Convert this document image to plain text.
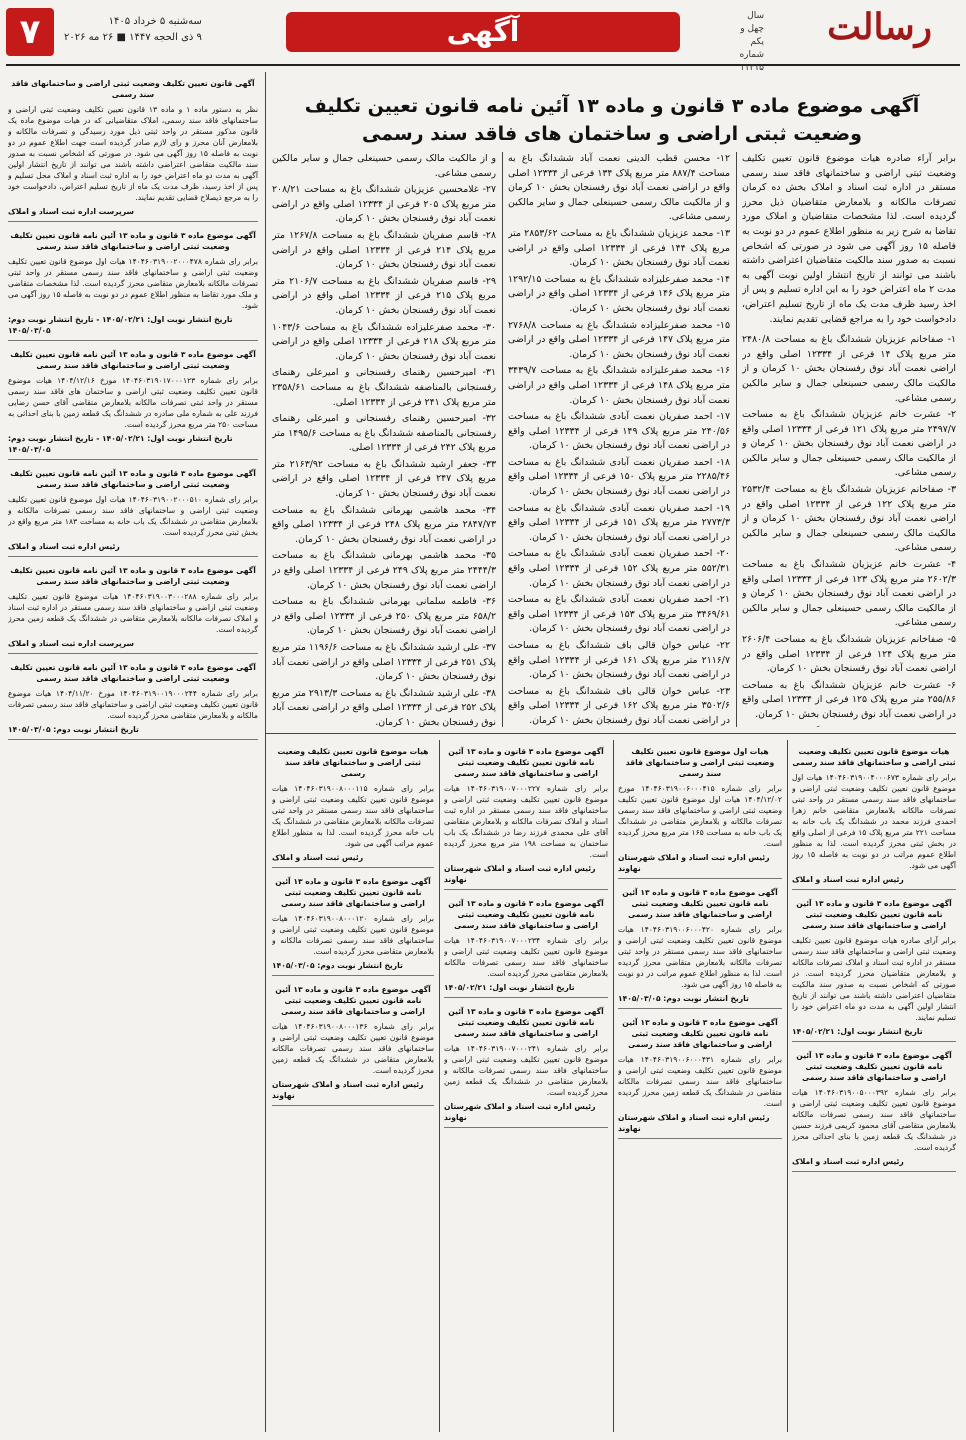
سال چهل و یکم
شماره ۱۱۳۱۵
رسالت
آگهی
سه‌شنبه ۵ خرداد ۱۴۰۵
۹ ذی الحجه ۱۴۴۷ ■ ۲۶ مه ۲۰۲۶
۷
آگهی موضوع ماده ۳ قانون و ماده ۱۳ آئین نامه قانون تعیین تکلیف وضعیت ثبتی اراضی و ساختمان های فاقد سند رسمی

برابر آراء صادره هیات موضوع قانون تعیین تکلیف وضعیت ثبتی اراضی و ساختمانهای فاقد سند رسمی مستقر در اداره ثبت اسناد و املاک بخش ده کرمان تصرفات مالکانه و بلامعارض متقاضیان ذیل محرز گردیده است. لذا مشخصات متقاضیان و املاک مورد تقاضا به شرح زیر به منظور اطلاع عموم در دو نوبت به فاصله ۱۵ روز آگهی می شود در صورتی که اشخاص نسبت به صدور سند مالکیت متقاضیان اعتراضی داشته باشند می توانند از تاریخ انتشار اولین نوبت آگهی به مدت ۲ ماه اعتراض خود را به این اداره تسلیم و پس از اخذ رسید ظرف مدت یک ماه از تاریخ تسلیم اعتراض، دادخواست خود را به مراجع قضایی تقدیم نمایند.

۱- صفاخانم عزیزیان ششدانگ باغ به مساحت ۲۴۸۰/۸ متر مربع پلاک ۱۴ فرعی از ۱۲۳۳۴ اصلی واقع در اراضی نعمت آباد نوق رفسنجان بخش ۱۰ کرمان و از مالکیت مالک رسمی حسینعلی جمال و سایر مالکین رسمی مشاعی.

۲- عشرت خانم عزیزیان ششدانگ باغ به مساحت ۲۴۹۷/۷ متر مربع پلاک ۱۲۱ فرعی از ۱۲۳۳۴ اصلی واقع در اراضی نعمت آباد نوق رفسنجان بخش ۱۰ کرمان و از مالکیت مالک رسمی حسینعلی جمال و سایر مالکین رسمی مشاعی.

۳- صفاخانم عزیزیان ششدانگ باغ به مساحت ۲۵۳۲/۴ متر مربع پلاک ۱۲۲ فرعی از ۱۲۳۳۴ اصلی واقع در اراضی نعمت آباد نوق رفسنجان بخش ۱۰ کرمان و از مالکیت مالک رسمی حسینعلی جمال و سایر مالکین رسمی مشاعی.

۴- عشرت خانم عزیزیان ششدانگ باغ به مساحت ۲۶۰۲/۳ متر مربع پلاک ۱۲۳ فرعی از ۱۲۳۳۴ اصلی واقع در اراضی نعمت آباد نوق رفسنجان بخش ۱۰ کرمان و از مالکیت مالک رسمی حسینعلی جمال و سایر مالکین رسمی مشاعی.

۵- صفاخانم عزیزیان ششدانگ باغ به مساحت ۲۶۰۶/۴ متر مربع پلاک ۱۲۴ فرعی از ۱۲۳۳۴ اصلی واقع در اراضی نعمت آباد نوق رفسنجان بخش ۱۰ کرمان.

۶- عشرت خانم عزیزیان ششدانگ باغ به مساحت ۲۵۵/۸۶ متر مربع پلاک ۱۲۵ فرعی از ۱۲۳۳۴ اصلی واقع در اراضی نعمت آباد نوق رفسنجان بخش ۱۰ کرمان.

۱۲- محسن قطب الدینی نعمت آباد ششدانگ باغ به مساحت ۸۸۷/۴ متر مربع پلاک ۱۳۴ فرعی از ۱۲۳۳۴ اصلی واقع در اراضی نعمت آباد نوق رفسنجان بخش ۱۰ کرمان و از مالکیت مالک رسمی حسینعلی جمال و سایر مالکین رسمی مشاعی.

۱۳- محمد عزیزیان ششدانگ باغ به مساحت ۲۸۵۳/۶۲ متر مربع پلاک ۱۴۴ فرعی از ۱۲۳۳۴ اصلی واقع در اراضی نعمت آباد نوق رفسنجان بخش ۱۰ کرمان.

۱۴- محمد صفرعلیزاده ششدانگ باغ به مساحت ۱۲۹۲/۱۵ متر مربع پلاک ۱۴۶ فرعی از ۱۲۳۳۴ اصلی واقع در اراضی نعمت آباد نوق رفسنجان بخش ۱۰ کرمان.

۱۵- محمد صفرعلیزاده ششدانگ باغ به مساحت ۲۷۶۸/۸ متر مربع پلاک ۱۴۷ فرعی از ۱۲۳۳۴ اصلی واقع در اراضی نعمت آباد نوق رفسنجان بخش ۱۰ کرمان.

۱۶- محمد صفرعلیزاده ششدانگ باغ به مساحت ۳۴۳۹/۷ متر مربع پلاک ۱۴۸ فرعی از ۱۲۳۳۴ اصلی واقع در اراضی نعمت آباد نوق رفسنجان بخش ۱۰ کرمان.

۱۷- احمد صفریان نعمت آبادی ششدانگ باغ به مساحت ۲۴۰/۵۶ متر مربع پلاک ۱۴۹ فرعی از ۱۲۳۳۴ اصلی واقع در اراضی نعمت آباد نوق رفسنجان بخش ۱۰ کرمان.

۱۸- احمد صفریان نعمت آبادی ششدانگ باغ به مساحت ۲۲۸۵/۴۶ متر مربع پلاک ۱۵۰ فرعی از ۱۲۳۳۴ اصلی واقع در اراضی نعمت آباد نوق رفسنجان بخش ۱۰ کرمان.

۱۹- احمد صفریان نعمت آبادی ششدانگ باغ به مساحت ۲۷۷۳/۳ متر مربع پلاک ۱۵۱ فرعی از ۱۲۳۳۴ اصلی واقع در اراضی نعمت آباد نوق رفسنجان بخش ۱۰ کرمان.

۲۰- احمد صفریان نعمت آبادی ششدانگ باغ به مساحت ۵۵۲/۳۱ متر مربع پلاک ۱۵۲ فرعی از ۱۲۳۳۴ اصلی واقع در اراضی نعمت آباد نوق رفسنجان بخش ۱۰ کرمان.

۲۱- احمد صفریان نعمت آبادی ششدانگ باغ به مساحت ۳۴۶۹/۶۱ متر مربع پلاک ۱۵۳ فرعی از ۱۲۳۳۴ اصلی واقع در اراضی نعمت آباد نوق رفسنجان بخش ۱۰ کرمان.

۲۲- عباس خوان قالی باف ششدانگ باغ به مساحت ۲۱۱۶/۷ متر مربع پلاک ۱۶۱ فرعی از ۱۲۳۳۴ اصلی واقع در اراضی نعمت آباد نوق رفسنجان بخش ۱۰ کرمان.

۲۳- عباس خوان قالی باف ششدانگ باغ به مساحت ۳۵۰۲/۶ متر مربع پلاک ۱۶۲ فرعی از ۱۲۳۳۴ اصلی واقع در اراضی نعمت آباد نوق رفسنجان بخش ۱۰ کرمان.

و از مالکیت مالک رسمی حسینعلی جمال و سایر مالکین رسمی مشاعی.

۲۷- غلامحسین عزیزیان ششدانگ باغ به مساحت ۲۰۸/۲۱ متر مربع پلاک ۲۰۵ فرعی از ۱۲۳۳۴ اصلی واقع در اراضی نعمت آباد نوق رفسنجان بخش ۱۰ کرمان.

۲۸- قاسم صفریان ششدانگ باغ به مساحت ۱۲۶۷/۸ متر مربع پلاک ۲۱۴ فرعی از ۱۲۳۳۴ اصلی واقع در اراضی نعمت آباد نوق رفسنجان بخش ۱۰ کرمان.

۲۹- قاسم صفریان ششدانگ باغ به مساحت ۲۱۰۶/۷ متر مربع پلاک ۲۱۵ فرعی از ۱۲۳۳۴ اصلی واقع در اراضی نعمت آباد نوق رفسنجان بخش ۱۰ کرمان.

۳۰- محمد صفرعلیزاده ششدانگ باغ به مساحت ۱۰۴۳/۶ متر مربع پلاک ۲۱۸ فرعی از ۱۲۳۳۴ اصلی واقع در اراضی نعمت آباد نوق رفسنجان بخش ۱۰ کرمان.

۳۱- امیرحسین رهنمای رفسنجانی و امیرعلی رهنمای رفسنجانی بالمناصفه ششدانگ باغ به مساحت ۲۳۵۸/۶۱ متر مربع پلاک ۲۴۱ فرعی از ۱۲۳۳۴ اصلی.

۳۲- امیرحسین رهنمای رفسنجانی و امیرعلی رهنمای رفسنجانی بالمناصفه ششدانگ باغ به مساحت ۱۴۹۵/۶ متر مربع پلاک ۲۴۲ فرعی از ۱۲۳۳۴ اصلی.

۳۳- جعفر ارشید ششدانگ باغ به مساحت ۲۱۶۳/۹۲ متر مربع پلاک ۲۴۷ فرعی از ۱۲۳۳۴ اصلی واقع در اراضی نعمت آباد نوق رفسنجان بخش ۱۰ کرمان.

۳۴- محمد هاشمی بهرمانی ششدانگ باغ به مساحت ۲۸۴۷/۷۳ متر مربع پلاک ۲۴۸ فرعی از ۱۲۳۳۴ اصلی واقع در اراضی نعمت آباد نوق رفسنجان بخش ۱۰ کرمان.

۳۵- محمد هاشمی بهرمانی ششدانگ باغ به مساحت ۲۴۴۴/۳ متر مربع پلاک ۲۴۹ فرعی از ۱۲۳۳۴ اصلی واقع در اراضی نعمت آباد نوق رفسنجان بخش ۱۰ کرمان.

۳۶- فاطمه سلمانی بهرمانی ششدانگ باغ به مساحت ۶۵۸/۲ متر مربع پلاک ۲۵۰ فرعی از ۱۲۳۳۴ اصلی واقع در اراضی نعمت آباد نوق رفسنجان بخش ۱۰ کرمان.

۳۷- علی ارشید ششدانگ باغ به مساحت ۱۱۹۶/۶ متر مربع پلاک ۲۵۱ فرعی از ۱۲۳۳۴ اصلی واقع در اراضی نعمت آباد نوق رفسنجان بخش ۱۰ کرمان.

۳۸- علی ارشید ششدانگ باغ به مساحت ۲۹۱۳/۳ متر مربع پلاک ۲۵۲ فرعی از ۱۲۳۳۴ اصلی واقع در اراضی نعمت آباد نوق رفسنجان بخش ۱۰ کرمان.

آگهی قانون تعیین تکلیف وضعیت ثبتی اراضی و ساختمانهای فاقد سند رسمی
نظر به دستور ماده ۱ و ماده ۱۳ قانون تعیین تکلیف وضعیت ثبتی اراضی و ساختمانهای فاقد سند رسمی، املاک متقاضیانی که در هیات موضوع ماده یک قانون مذکور مستقر در واحد ثبتی ذیل مورد رسیدگی و تصرفات مالکانه و بلامعارض آنان محرز و رای لازم صادر گردیده است جهت اطلاع عموم در دو نوبت به فاصله ۱۵ روز آگهی می شود. در صورتی که اشخاص نسبت به صدور سند مالکیت متقاضی اعتراضی داشته باشند می توانند از تاریخ انتشار اولین آگهی به مدت دو ماه اعتراض خود را به اداره ثبت اسناد و املاک محل تسلیم و پس از اخذ رسید، ظرف مدت یک ماه از تاریخ تسلیم اعتراض، دادخواست خود را به مرجع ذیصلاح قضایی تقدیم نمایند.
سرپرست اداره ثبت اسناد و املاک
آگهی موضوع ماده ۳ قانون و ماده ۱۳ آئین نامه قانون تعیین تکلیف وضعیت ثبتی اراضی و ساختمانهای فاقد سند رسمی
برابر رای شماره ۱۴۰۴۶۰۳۱۹۰۰۲۰۰۰۴۷۸ هیات اول موضوع قانون تعیین تکلیف وضعیت ثبتی اراضی و ساختمانهای فاقد سند رسمی مستقر در واحد ثبتی تصرفات مالکانه بلامعارض متقاضی محرز گردیده است. لذا مشخصات متقاضی و ملک مورد تقاضا به منظور اطلاع عموم در دو نوبت به فاصله ۱۵ روز آگهی می شود.
تاریخ انتشار نوبت اول: ۱۴۰۵/۰۲/۲۱ - تاریخ انتشار نوبت دوم: ۱۴۰۵/۰۳/۰۵
آگهی موضوع ماده ۳ قانون و ماده ۱۳ آئین نامه قانون تعیین تکلیف وضعیت ثبتی اراضی و ساختمانهای فاقد سند رسمی
برابر رای شماره ۱۴۰۴۶۰۳۱۹۰۱۷۰۰۰۱۲۳ مورخ ۱۴۰۴/۱۲/۱۶ هیات موضوع قانون تعیین تکلیف وضعیت ثبتی اراضی و ساختمان های فاقد سند رسمی مستقر در واحد ثبتی تصرفات مالکانه بلامعارض متقاضی آقای حسن رضایی فرزند علی به شماره ملی صادره در ششدانگ یک قطعه زمین با بنای احداثی به مساحت ۲۵۰ متر مربع محرز گردیده است.
تاریخ انتشار نوبت اول: ۱۴۰۵/۰۲/۲۱ - تاریخ انتشار نوبت دوم: ۱۴۰۵/۰۳/۰۵
آگهی موضوع ماده ۳ قانون و ماده ۱۳ آئین نامه قانون تعیین تکلیف وضعیت ثبتی اراضی و ساختمانهای فاقد سند رسمی
برابر رای شماره ۱۴۰۴۶۰۳۱۹۰۰۲۰۰۰۵۱۰ هیات اول موضوع قانون تعیین تکلیف وضعیت ثبتی اراضی و ساختمانهای فاقد سند رسمی تصرفات مالکانه و بلامعارض متقاضی در ششدانگ یک باب خانه به مساحت ۱۸۳ متر مربع واقع در بخش ثبتی محرز گردیده است.
رئیس اداره ثبت اسناد و املاک
آگهی موضوع ماده ۳ قانون و ماده ۱۳ آئین نامه قانون تعیین تکلیف وضعیت ثبتی اراضی و ساختمانهای فاقد سند رسمی
برابر رای شماره ۱۴۰۴۶۰۳۱۹۰۰۳۰۰۰۲۸۸ هیات موضوع قانون تعیین تکلیف وضعیت ثبتی اراضی و ساختمانهای فاقد سند رسمی مستقر در اداره ثبت اسناد و املاک تصرفات مالکانه بلامعارض متقاضی در ششدانگ یک قطعه زمین محرز گردیده است.
سرپرست اداره ثبت اسناد و املاک
آگهی موضوع ماده ۳ قانون و ماده ۱۳ آئین نامه قانون تعیین تکلیف وضعیت ثبتی اراضی و ساختمانهای فاقد سند رسمی
برابر رای شماره ۱۴۰۴۶۰۳۱۹۰۰۱۹۰۰۰۲۴۴ مورخ ۱۴۰۴/۱۱/۲۰ هیات موضوع قانون تعیین تکلیف وضعیت ثبتی اراضی و ساختمانهای فاقد سند رسمی تصرفات مالکانه و بلامعارض متقاضی محرز گردیده است.
تاریخ انتشار نوبت دوم: ۱۴۰۵/۰۳/۰۵
هیات موضوع قانون تعیین تکلیف وضعیت ثبتی اراضی و ساختمانهای فاقد سند رسمی
برابر رای شماره ۱۴۰۴۶۰۳۱۹۰۰۴۰۰۰۶۷۳ هیات اول موضوع قانون تعیین تکلیف وضعیت ثبتی اراضی و ساختمانهای فاقد سند رسمی مستقر در واحد ثبتی تصرفات مالکانه بلامعارض متقاضی خانم زهرا احمدی فرزند محمد در ششدانگ یک باب خانه به مساحت ۲۲۱ متر مربع پلاک ۱۵ فرعی از اصلی واقع در بخش ثبتی محرز گردیده است. لذا به منظور اطلاع عموم مراتب در دو نوبت به فاصله ۱۵ روز آگهی می شود.
رئیس اداره ثبت اسناد و املاک
آگهی موضوع ماده ۳ قانون و ماده ۱۳ آئین نامه قانون تعیین تکلیف وضعیت ثبتی اراضی و ساختمانهای فاقد سند رسمی
برابر آرای صادره هیات موضوع قانون تعیین تکلیف وضعیت ثبتی اراضی و ساختمانهای فاقد سند رسمی مستقر در اداره ثبت اسناد و املاک تصرفات مالکانه و بلامعارض متقاضیان محرز گردیده است. در صورتی که اشخاص نسبت به صدور سند مالکیت متقاضیان اعتراضی داشته باشند می توانند از تاریخ انتشار اولین آگهی به مدت دو ماه اعتراض خود را تسلیم نمایند.
تاریخ انتشار نوبت اول: ۱۴۰۵/۰۲/۲۱
آگهی موضوع ماده ۳ قانون و ماده ۱۳ آئین نامه قانون تعیین تکلیف وضعیت ثبتی اراضی و ساختمانهای فاقد سند رسمی
برابر رای شماره ۱۴۰۴۶۰۳۱۹۰۰۵۰۰۰۳۹۲ هیات موضوع قانون تعیین تکلیف وضعیت ثبتی اراضی و ساختمانهای فاقد سند رسمی تصرفات مالکانه بلامعارض متقاضی آقای محمود کریمی فرزند حسین در ششدانگ یک قطعه زمین با بنای احداثی محرز گردیده است.
رئیس اداره ثبت اسناد و املاک
هیات اول موضوع قانون تعیین تکلیف وضعیت ثبتی اراضی و ساختمانهای فاقد سند رسمی
برابر رای شماره ۱۴۰۴۶۰۳۱۹۰۰۶۰۰۰۴۱۵ مورخ ۱۴۰۴/۱۲/۰۲ هیات اول موضوع قانون تعیین تکلیف وضعیت ثبتی اراضی و ساختمانهای فاقد سند رسمی تصرفات مالکانه و بلامعارض متقاضی در ششدانگ یک باب خانه به مساحت ۱۶۵ متر مربع محرز گردیده است.
رئیس اداره ثبت اسناد و املاک شهرستان نهاوند
آگهی موضوع ماده ۳ قانون و ماده ۱۳ آئین نامه قانون تعیین تکلیف وضعیت ثبتی اراضی و ساختمانهای فاقد سند رسمی
برابر رای شماره ۱۴۰۴۶۰۳۱۹۰۰۶۰۰۰۴۲۰ هیات موضوع قانون تعیین تکلیف وضعیت ثبتی اراضی و ساختمانهای فاقد سند رسمی مستقر در واحد ثبتی تصرفات مالکانه بلامعارض متقاضی محرز گردیده است. لذا به منظور اطلاع عموم مراتب در دو نوبت به فاصله ۱۵ روز آگهی می شود.
تاریخ انتشار نوبت دوم: ۱۴۰۵/۰۳/۰۵
آگهی موضوع ماده ۳ قانون و ماده ۱۳ آئین نامه قانون تعیین تکلیف وضعیت ثبتی اراضی و ساختمانهای فاقد سند رسمی
برابر رای شماره ۱۴۰۴۶۰۳۱۹۰۰۶۰۰۰۴۳۱ هیات موضوع قانون تعیین تکلیف وضعیت ثبتی اراضی و ساختمانهای فاقد سند رسمی تصرفات مالکانه متقاضی در ششدانگ یک قطعه زمین محرز گردیده است.
رئیس اداره ثبت اسناد و املاک شهرستان نهاوند
آگهی موضوع ماده ۳ قانون و ماده ۱۳ آئین نامه قانون تعیین تکلیف وضعیت ثبتی اراضی و ساختمانهای فاقد سند رسمی
برابر رای شماره ۱۴۰۴۶۰۳۱۹۰۰۷۰۰۰۲۲۷ هیات موضوع قانون تعیین تکلیف وضعیت ثبتی اراضی و ساختمانهای فاقد سند رسمی مستقر در اداره ثبت اسناد و املاک تصرفات مالکانه و بلامعارض متقاضی آقای علی محمدی فرزند رضا در ششدانگ یک باب ساختمان به مساحت ۱۹۸ متر مربع محرز گردیده است.
رئیس اداره ثبت اسناد و املاک شهرستان نهاوند
آگهی موضوع ماده ۳ قانون و ماده ۱۳ آئین نامه قانون تعیین تکلیف وضعیت ثبتی اراضی و ساختمانهای فاقد سند رسمی
برابر رای شماره ۱۴۰۴۶۰۳۱۹۰۰۷۰۰۰۲۳۴ هیات موضوع قانون تعیین تکلیف وضعیت ثبتی اراضی و ساختمانهای فاقد سند رسمی تصرفات مالکانه بلامعارض متقاضی محرز گردیده است.
تاریخ انتشار نوبت اول: ۱۴۰۵/۰۲/۲۱
آگهی موضوع ماده ۳ قانون و ماده ۱۳ آئین نامه قانون تعیین تکلیف وضعیت ثبتی اراضی و ساختمانهای فاقد سند رسمی
برابر رای شماره ۱۴۰۴۶۰۳۱۹۰۰۷۰۰۰۲۴۱ هیات موضوع قانون تعیین تکلیف وضعیت ثبتی اراضی و ساختمانهای فاقد سند رسمی تصرفات مالکانه و بلامعارض متقاضی در ششدانگ یک قطعه زمین محرز گردیده است.
رئیس اداره ثبت اسناد و املاک شهرستان نهاوند
هیات موضوع قانون تعیین تکلیف وضعیت ثبتی اراضی و ساختمانهای فاقد سند رسمی
برابر رای شماره ۱۴۰۴۶۰۳۱۹۰۰۸۰۰۰۱۱۵ هیات موضوع قانون تعیین تکلیف وضعیت ثبتی اراضی و ساختمانهای فاقد سند رسمی مستقر در واحد ثبتی تصرفات مالکانه بلامعارض متقاضی در ششدانگ یک باب خانه محرز گردیده است. لذا به منظور اطلاع عموم مراتب آگهی می شود.
رئیس ثبت اسناد و املاک
آگهی موضوع ماده ۳ قانون و ماده ۱۳ آئین نامه قانون تعیین تکلیف وضعیت ثبتی اراضی و ساختمانهای فاقد سند رسمی
برابر رای شماره ۱۴۰۴۶۰۳۱۹۰۰۸۰۰۰۱۲۰ هیات موضوع قانون تعیین تکلیف وضعیت ثبتی اراضی و ساختمانهای فاقد سند رسمی تصرفات مالکانه و بلامعارض متقاضی محرز گردیده است.
تاریخ انتشار نوبت دوم: ۱۴۰۵/۰۳/۰۵
آگهی موضوع ماده ۳ قانون و ماده ۱۳ آئین نامه قانون تعیین تکلیف وضعیت ثبتی اراضی و ساختمانهای فاقد سند رسمی
برابر رای شماره ۱۴۰۴۶۰۳۱۹۰۰۸۰۰۰۱۳۶ هیات موضوع قانون تعیین تکلیف وضعیت ثبتی اراضی و ساختمانهای فاقد سند رسمی تصرفات مالکانه بلامعارض متقاضی در ششدانگ یک قطعه زمین محرز گردیده است.
رئیس اداره ثبت اسناد و املاک شهرستان نهاوند
